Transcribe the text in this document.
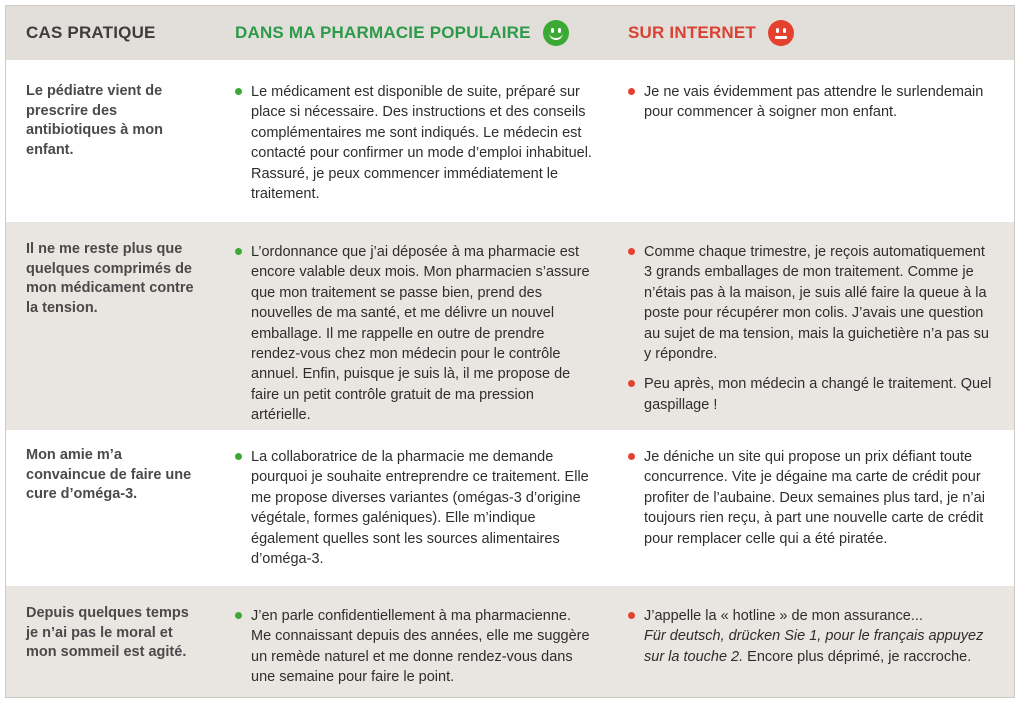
CAS PRATIQUE	DANS MA PHARMACIE POPULAIRE	SUR INTERNET
Le pédiatre vient de prescrire des antibiotiques à mon enfant.
Le médicament est disponible de suite, préparé sur place si nécessaire. Des instructions et des conseils complémentaires me sont indiqués. Le médecin est contacté pour confirmer un mode d’emploi inhabituel. Rassuré, je peux commencer immédiatement le traitement.
Je ne vais évidemment pas attendre le surlendemain pour commencer à soigner mon enfant.
Il ne me reste plus que quelques comprimés de mon médicament contre la tension.
L’ordonnance que j’ai déposée à ma pharmacie est encore valable deux mois. Mon pharmacien s’assure que mon traitement se passe bien, prend des nouvelles de ma santé, et me délivre un nouvel emballage. Il me rappelle en outre de prendre rendez-vous chez mon médecin pour le contrôle annuel. Enfin, puisque je suis là, il me propose de faire un petit contrôle gratuit de ma pression artérielle.
Comme chaque trimestre, je reçois automatiquement 3 grands emballages de mon traitement. Comme je n’étais pas à la maison, je suis allé faire la queue à la poste pour récupérer mon colis. J’avais une question au sujet de ma tension, mais la guichetière n’a pas su y répondre.
Peu après, mon médecin a changé le traitement. Quel gaspillage !
Mon amie m’a convaincue de faire une cure d’oméga-3.
La collaboratrice de la pharmacie me demande pourquoi je souhaite entreprendre ce traitement. Elle me propose diverses variantes (omégas-3 d’origine végétale, formes galéniques). Elle m’indique également quelles sont les sources alimentaires d’oméga-3.
Je déniche un site qui propose un prix défiant toute concurrence. Vite je dégaine ma carte de crédit pour profiter de l’aubaine. Deux semaines plus tard, je n’ai toujours rien reçu, à part une nouvelle carte de crédit pour remplacer celle qui a été piratée.
Depuis quelques temps je n’ai pas le moral et mon sommeil est agité.
J’en parle confidentiellement à ma pharmacienne. Me connaissant depuis des années, elle me suggère un remède naturel et me donne rendez-vous dans une semaine pour faire le point.
J’appelle la « hotline » de mon assurance...
Für deutsch, drücken Sie 1, pour le français appuyez sur la touche 2. Encore plus déprimé, je raccroche.
